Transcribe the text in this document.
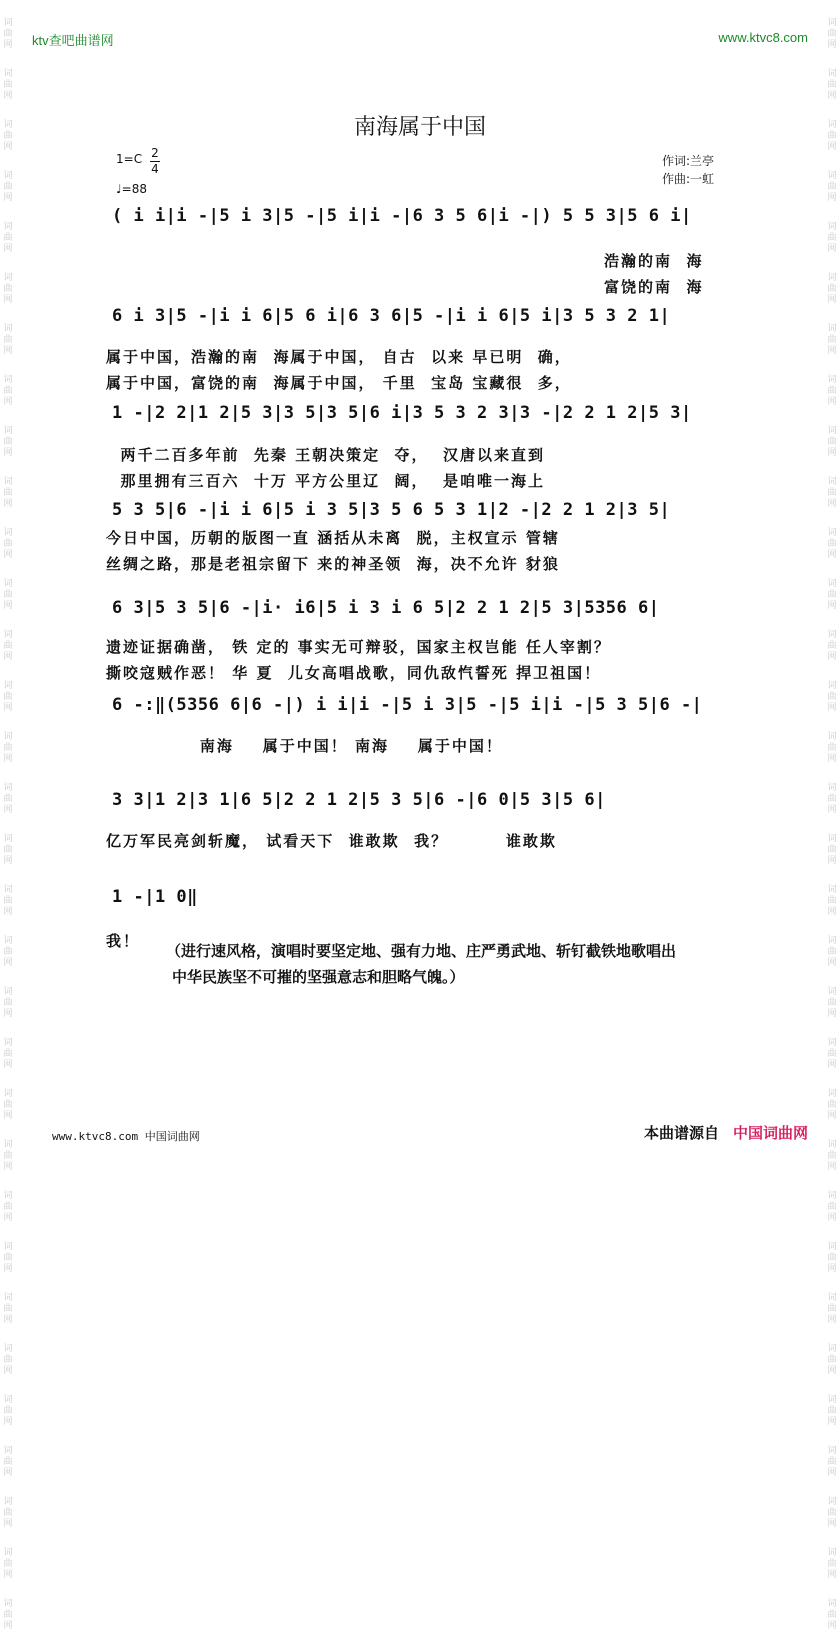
词
曲
网
词
曲
网
词
曲
网
词
曲
网
词
曲
网
词
曲
网
词
曲
网
词
曲
网
词
曲
网
词
曲
网
词
曲
网
词
曲
网
词
曲
网
词
曲
网
词
曲
网
词
曲
网
词
曲
网
词
曲
网
词
曲
网
词
曲
网
词
曲
网
词
曲
网
词
曲
网
词
曲
网
词
曲
网
词
曲
网
词
曲
网
词
曲
网
词
曲
网
词
曲
网
词
曲
网
词
曲
网
词
曲
网
词
曲
网
词
曲
网
词
曲
网
词
曲
网
词
曲
网
词
曲
网
词
曲
网
词
曲
网
词
曲
网
词
曲
网
词
曲
网
词
曲
网
词
曲
网
词
曲
网
词
曲
网
词
曲
网
词
曲
网
词
曲
网
词
曲
网
词
曲
网
词
曲
网
词
曲
网
词
曲
网
词
曲
网
词
曲
网
词
曲
网
词
曲
网
词
曲
网
词
曲
网
词
曲
网
词
曲
网
ktv查吧曲谱网	www.ktvc8.com
南海属于中国
1=C 2
4
♩=88
作词:兰亭
作曲:一虹
( i i|i -|5 i 3|5 -|5 i|i -|6 3 5 6|i -|) 5 5 3|5 6 i|
浩瀚的南  海
富饶的南  海
6 i 3|5 -|i i 6|5 6 i|6 3 6|5 -|i i 6|5 i|3 5 3 2 1|
属于中国，浩瀚的南  海属于中国， 自古  以来 早已明  确，
属于中国，富饶的南  海属于中国， 千里  宝岛 宝藏很  多，
1 -|2 2|1 2|5 3|3 5|3 5|6 i|3 5 3 2 3|3 -|2 2 1 2|5 3|
两千二百多年前  先秦 王朝决策定  夺，  汉唐以来直到
那里拥有三百六  十万 平方公里辽  阔，  是咱唯一海上
5 3 5|6 -|i i 6|5 i 3 5|3 5 6 5 3 1|2 -|2 2 1 2|3 5|
今日中国，历朝的版图一直 涵括从未离  脱，主权宣示 管辖
丝绸之路，那是老祖宗留下 来的神圣领  海，决不允许 豺狼
6 3|5 3 5|6 -|i· i6|5 i 3 i 6 5|2 2 1 2|5 3|5356 6|
遗迹证据确凿， 铁 定的 事实无可辩驳，国家主权岂能 任人宰割？
撕咬寇贼作恶！ 华 夏  儿女高唱战歌，同仇敌忾誓死 捍卫祖国！
6 -:‖(5356 6|6 -|) i i|i -|5 i 3|5 -|5 i|i -|5 3 5|6 -|
南海    属于中国！ 南海    属于中国！
3 3|1 2|3 1|6 5|2 2 1 2|5 3 5|6 -|6 0|5 3|5 6|
亿万军民亮剑斩魔， 试看天下  谁敢欺  我？        谁敢欺
1 -|1 0‖
我！
（进行速风格，演唱时要坚定地、强有力地、庄严勇武地、斩钉截铁地歌唱出
中华民族坚不可摧的坚强意志和胆略气魄。）
www.ktvc8.com 中国词曲网	本曲谱源自 中国词曲网
